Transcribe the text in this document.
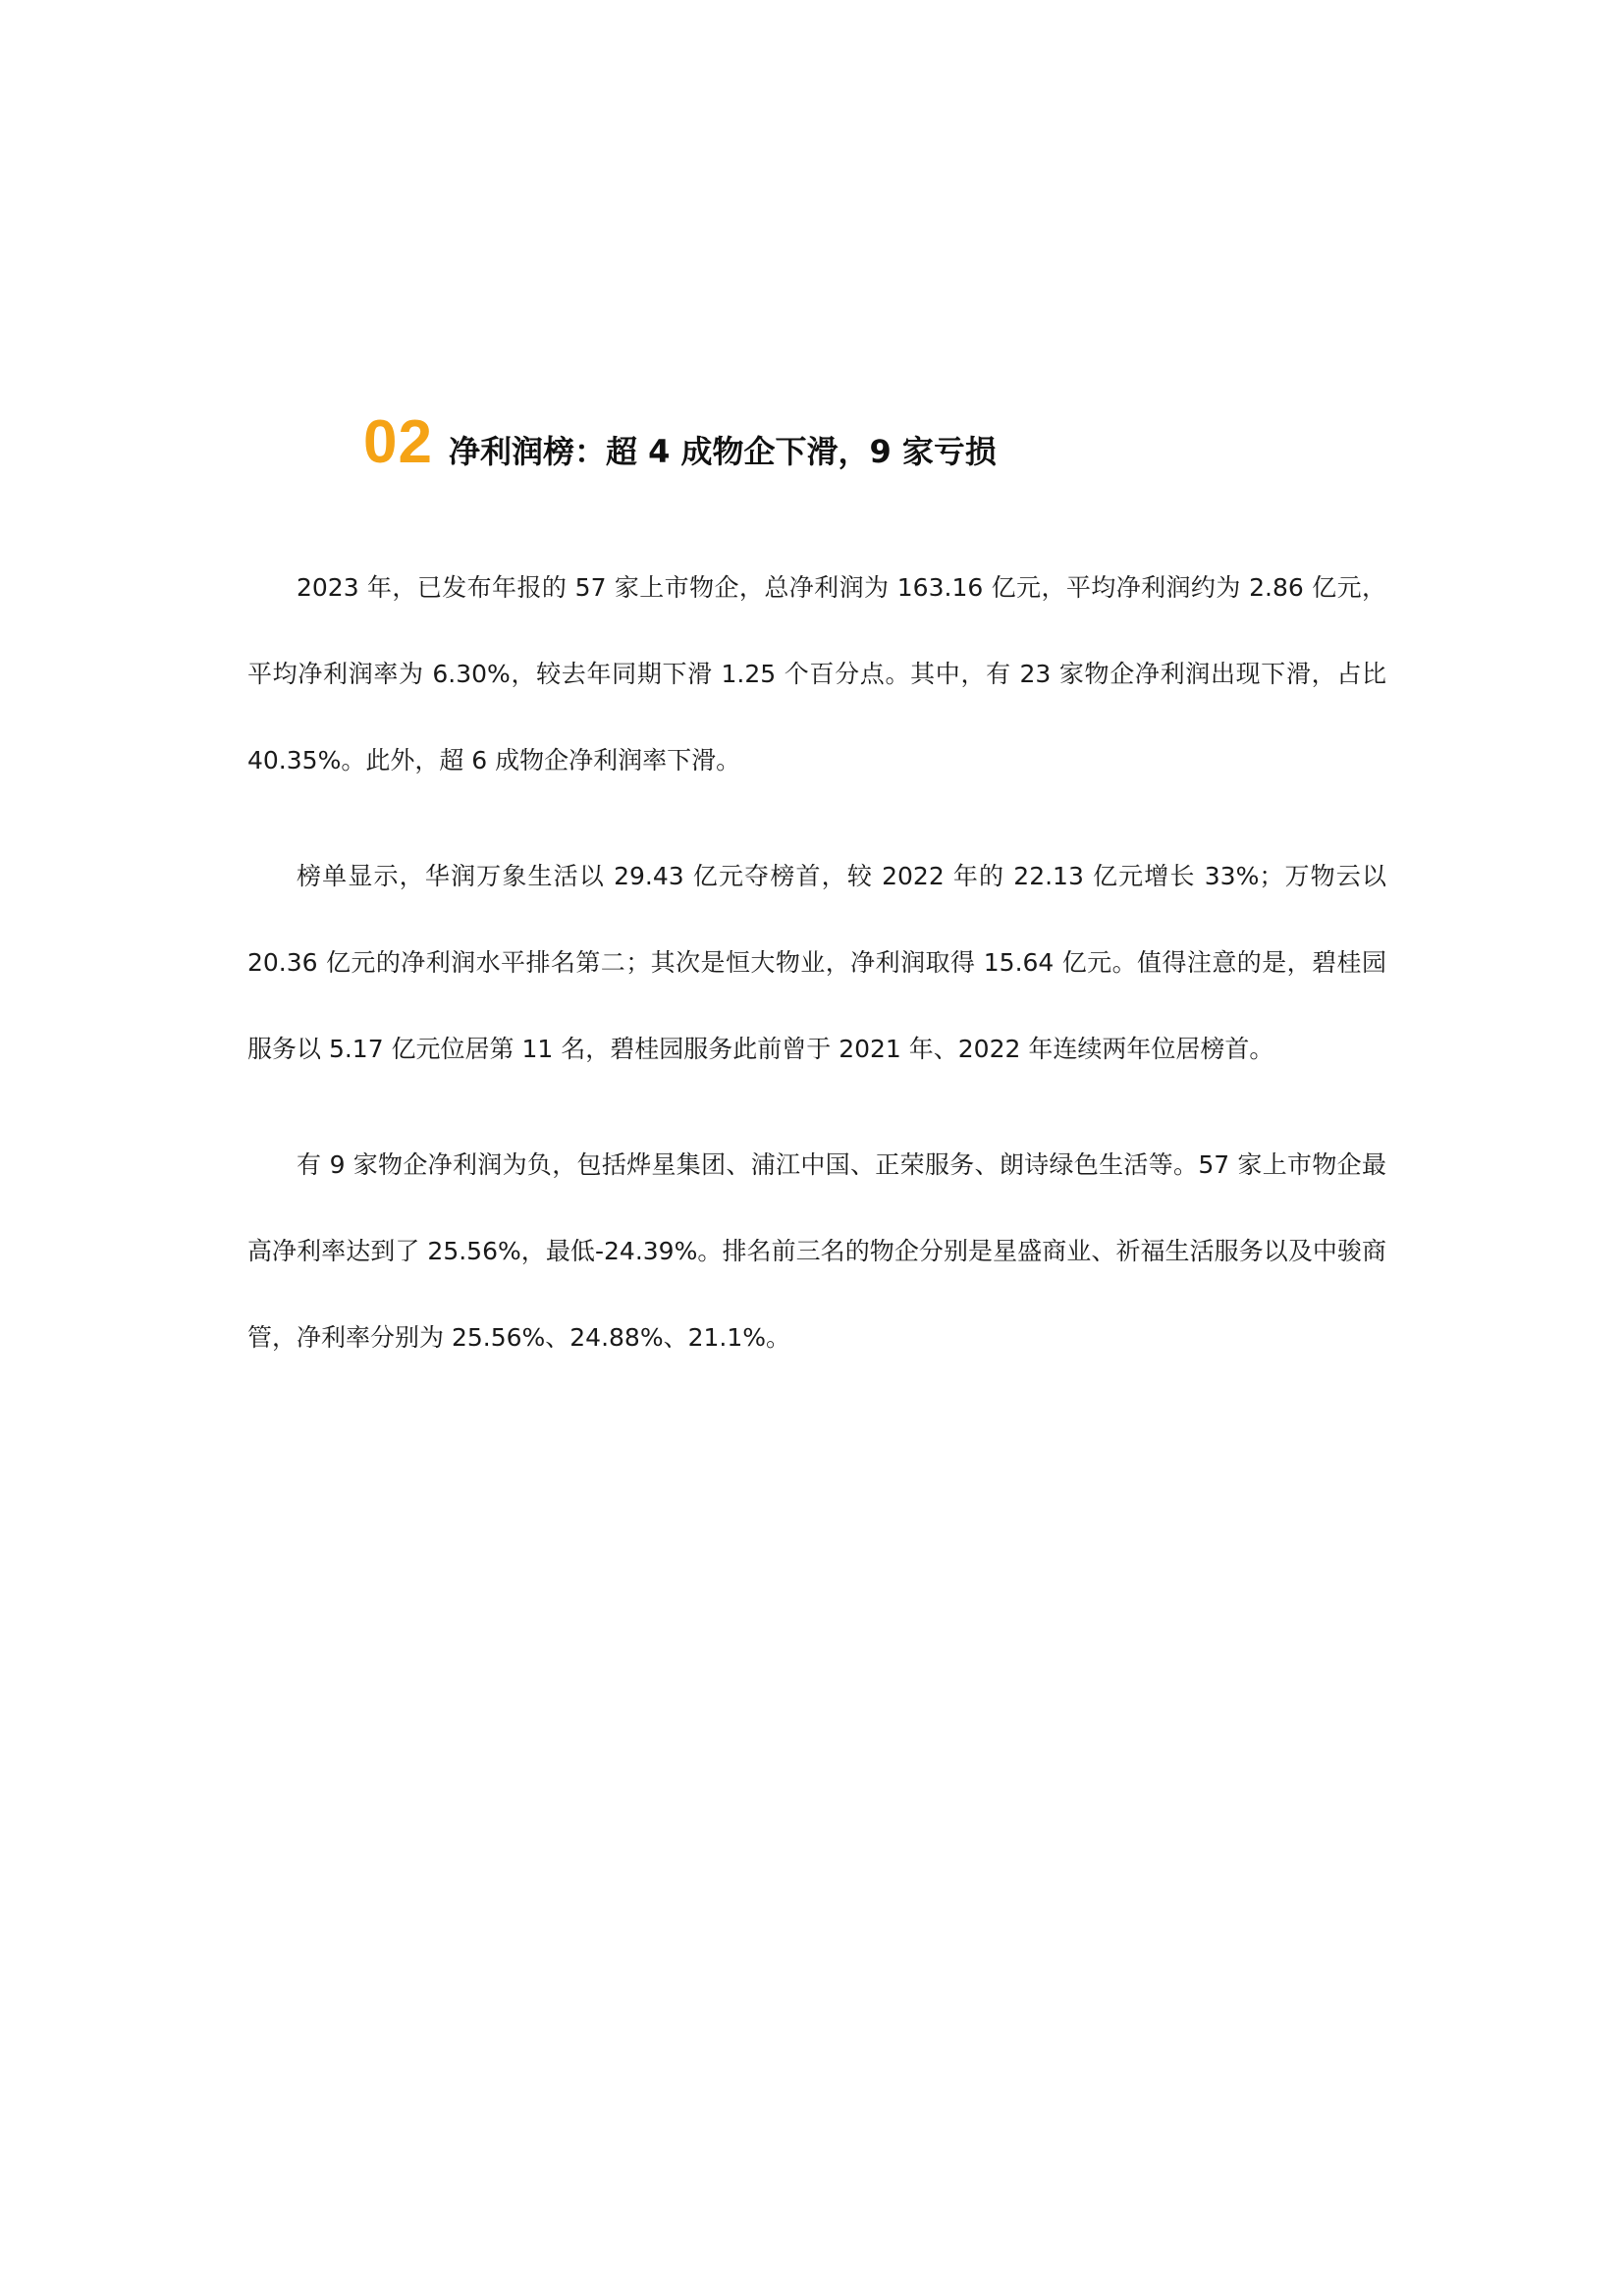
02 净利润榜：超 4 成物企下滑，9 家亏损

2023 年，已发布年报的 57 家上市物企，总净利润为 163.16 亿元，平均净利润约为 2.86 亿元，平均净利润率为 6.30%，较去年同期下滑 1.25 个百分点。其中，有 23 家物企净利润出现下滑，占比 40.35%。此外，超 6 成物企净利润率下滑。

榜单显示，华润万象生活以 29.43 亿元夺榜首，较 2022 年的 22.13 亿元增长 33%；万物云以 20.36 亿元的净利润水平排名第二；其次是恒大物业，净利润取得 15.64 亿元。值得注意的是，碧桂园服务以 5.17 亿元位居第 11 名，碧桂园服务此前曾于 2021 年、2022 年连续两年位居榜首。

有 9 家物企净利润为负，包括烨星集团、浦江中国、正荣服务、朗诗绿色生活等。57 家上市物企最高净利率达到了 25.56%，最低-24.39%。排名前三名的物企分别是星盛商业、祈福生活服务以及中骏商管，净利率分别为 25.56%、24.88%、21.1%。
